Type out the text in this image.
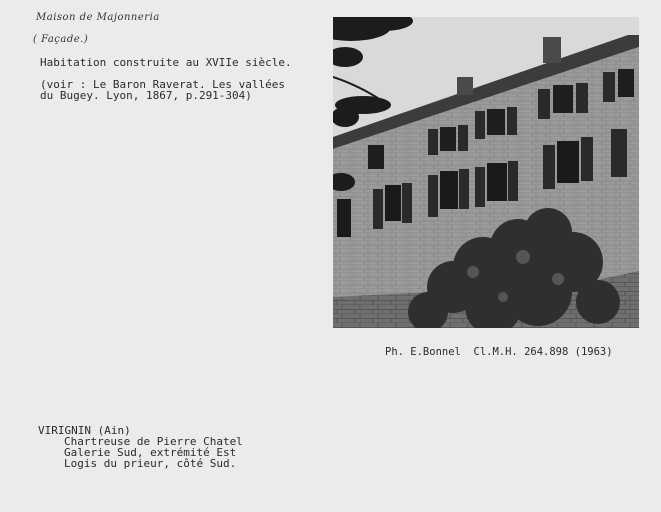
Maison de Majonneria
( Façade.)
Habitation construite au XVIIe siècle.
(voir : Le Baron Raverat. Les vallées
du Bugey. Lyon, 1867, p.291-304)
Ph. E.Bonnel  Cl.M.H. 264.898 (1963)
VIRIGNIN (Ain)
Chartreuse de Pierre Chatel
Galerie Sud, extrémité Est
Logis du prieur, côté Sud.
